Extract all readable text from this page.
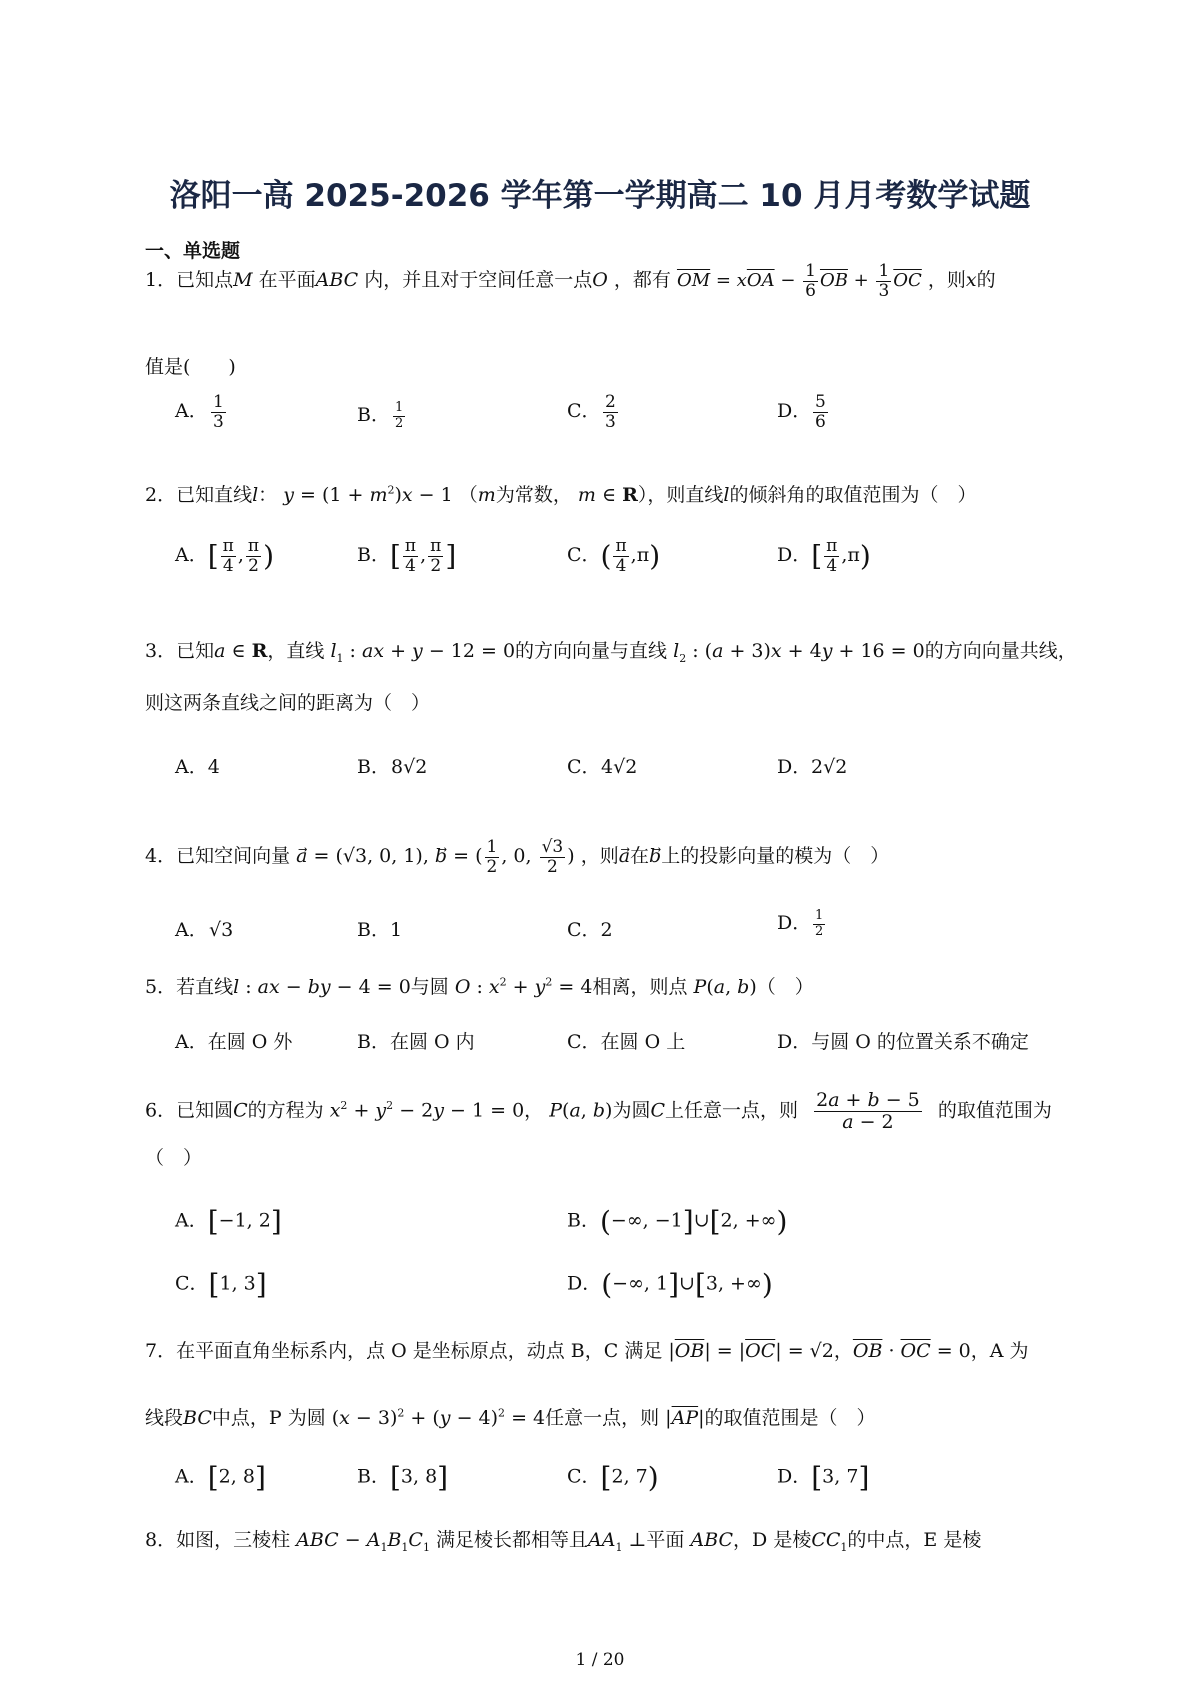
洛阳一高 2025-2026 学年第一学期高二 10 月月考数学试题
一、单选题
1．已知点M 在平面ABC 内，并且对于空间任意一点O ，都有 $\overline{OM} = x\overline{OA} - \frac{1}{6} \overline{OB} + \frac{1}{3} \overline{OC}$ ，则x的
值是(　　)
A． $\frac{1}{3}$	B． $\frac{1}{2}$	C． $\frac{2}{3}$	D． $\frac{5}{6}$
2．已知直线l： $y = (1 + m^2)x - 1$ （m为常数， m ∈ R），则直线l的倾斜角的取值范围为（　）
A．[ $\frac{\pi}{4}$ , $\frac{\pi}{2}$ )	B．[ $\frac{\pi}{4}$ , $\frac{\pi}{2}$ ]	C．( $\frac{\pi}{4} ,\pi$)	D．[ $\frac{\pi}{4} ,\pi$)
3．已知a ∈ R，直线 $l_1$ : ax + y − 12 = 0的方向向量与直线 $l_2$ : (a + 3)x + 4y + 16 = 0的方向向量共线，
则这两条直线之间的距离为（　）
A．4	B．8√2	C．4√2	D．2√2
4．已知空间向量 a⃗ = (√3, 0, 1), b⃗ = ( $\frac{1}{2}$ , 0, $\frac{√3}{2}$ ) ，则a在b上的投影向量的模为（　）
A．√3	B．1	C．2	D． $\frac{1}{2}$
5．若直线l : ax − by − 4 = 0与圆 O : $x^2 + y^2 = 4$相离，则点 P(a, b)（　）
A．在圆 O 外	B．在圆 O 内	C．在圆 O 上	D．与圆 O 的位置关系不确定
6．已知圆C的方程为 $x^2 + y^2 - 2y - 1 = 0$， P(a, b)为圆C上任意一点，则 $\frac{2a + b - 5}{a - 2}$ 的取值范围为
（　）
A．[−1, 2]	B．(−∞, −1]∪[2, +∞)
C．[1, 3]	D．(−∞, 1]∪[3, +∞)
7．在平面直角坐标系内，点 O 是坐标原点，动点 B，C 满足 $|\overline{OB}| = |\overline{OC}| = √2$，$\overline{OB} \cdot \overline{OC} = 0$，A 为
线段BC中点，P 为圆 $(x - 3)^2 + (y - 4)^2 = 4$任意一点，则 $|\overline{AP}|$的取值范围是（　）
A．[2, 8]	B．[3, 8]	C．[2, 7)	D．[3, 7]
8．如图，三棱柱 ABC − $A_1B_1C_1$ 满足棱长都相等且$AA_1$ ⊥平面 ABC，D 是棱$CC_1$的中点，E 是棱
1 / 20
